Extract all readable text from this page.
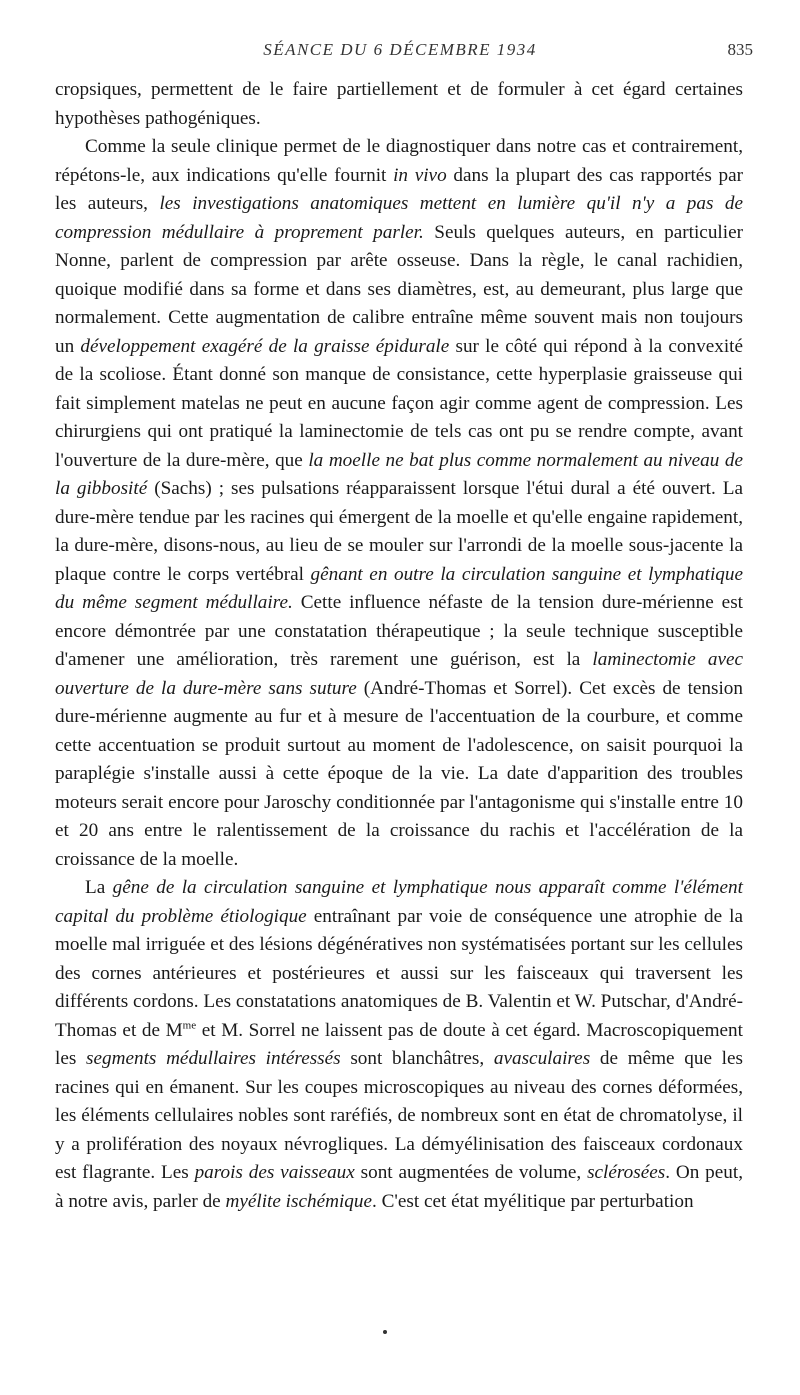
SÉANCE DU 6 DÉCEMBRE 1934	835

cropsiques, permettent de le faire partiellement et de formuler à cet égard certaines hypothèses pathogéniques.

Comme la seule clinique permet de le diagnostiquer dans notre cas et contrairement, répétons-le, aux indications qu'elle fournit in vivo dans la plupart des cas rapportés par les auteurs, les investigations anatomiques mettent en lumière qu'il n'y a pas de compression médullaire à proprement parler. Seuls quelques auteurs, en particulier Nonne, parlent de compression par arête osseuse. Dans la règle, le canal rachidien, quoique modifié dans sa forme et dans ses diamètres, est, au demeurant, plus large que normalement. Cette augmentation de calibre entraîne même souvent mais non toujours un développement exagéré de la graisse épidurale sur le côté qui répond à la convexité de la scoliose. Étant donné son manque de consistance, cette hyperplasie graisseuse qui fait simplement matelas ne peut en aucune façon agir comme agent de compression. Les chirurgiens qui ont pratiqué la laminectomie de tels cas ont pu se rendre compte, avant l'ouverture de la dure-mère, que la moelle ne bat plus comme normalement au niveau de la gibbosité (Sachs) ; ses pulsations réapparaissent lorsque l'étui dural a été ouvert. La dure-mère tendue par les racines qui émergent de la moelle et qu'elle engaine rapidement, la dure-mère, disons-nous, au lieu de se mouler sur l'arrondi de la moelle sous-jacente la plaque contre le corps vertébral gênant en outre la circulation sanguine et lymphatique du même segment médullaire. Cette influence néfaste de la tension dure-mérienne est encore démontrée par une constatation thérapeutique ; la seule technique susceptible d'amener une amélioration, très rarement une guérison, est la laminectomie avec ouverture de la dure-mère sans suture (André-Thomas et Sorrel). Cet excès de tension dure-mérienne augmente au fur et à mesure de l'accentuation de la courbure, et comme cette accentuation se produit surtout au moment de l'adolescence, on saisit pourquoi la paraplégie s'installe aussi à cette époque de la vie. La date d'apparition des troubles moteurs serait encore pour Jaroschy conditionnée par l'antagonisme qui s'installe entre 10 et 20 ans entre le ralentissement de la croissance du rachis et l'accélération de la croissance de la moelle.

La gêne de la circulation sanguine et lymphatique nous apparaît comme l'élément capital du problème étiologique entraînant par voie de conséquence une atrophie de la moelle mal irriguée et des lésions dégénératives non systématisées portant sur les cellules des cornes antérieures et postérieures et aussi sur les faisceaux qui traversent les différents cordons. Les constatations anatomiques de B. Valentin et W. Putschar, d'André-Thomas et de $M^{me}$ et M. Sorrel ne laissent pas de doute à cet égard. Macroscopiquement les segments médullaires intéressés sont blanchâtres, avasculaires de même que les racines qui en émanent. Sur les coupes microscopiques au niveau des cornes déformées, les éléments cellulaires nobles sont raréfiés, de nombreux sont en état de chromatolyse, il y a prolifération des noyaux névrogliques. La démyélinisation des faisceaux cordonaux est flagrante. Les parois des vaisseaux sont augmentées de volume, sclérosées. On peut, à notre avis, parler de myélite ischémique. C'est cet état myélitique par perturbation
